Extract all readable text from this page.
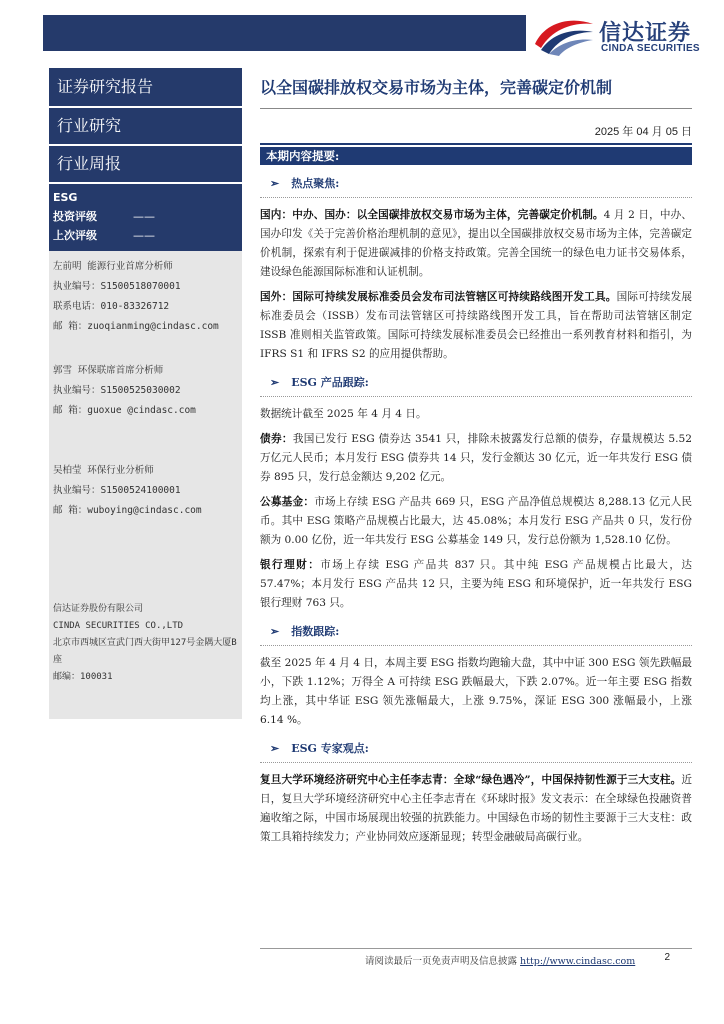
信达证券
CINDA SECURITIES
证券研究报告
行业研究
行业周报
ESG
投资评级	——
上次评级	——
左前明 能源行业首席分析师
执业编号：S1500518070001
联系电话：010-83326712
邮 箱：zuoqianming@cindasc.com
郭雪 环保联席首席分析师
执业编号：S1500525030002
邮 箱：guoxue @cindasc.com
吴柏莹 环保行业分析师
执业编号：S1500524100001
邮 箱：wuboying@cindasc.com
信达证券股份有限公司
CINDA SECURITIES CO.,LTD
北京市西城区宣武门西大街甲127号金隅大厦B座
邮编：100031
以全国碳排放权交易市场为主体，完善碳定价机制
2025 年 04 月 05 日
本期内容提要:
➢ 热点聚焦:
国内：中办、国办：以全国碳排放权交易市场为主体，完善碳定价机制。4 月 2 日，中办、国办印发《关于完善价格治理机制的意见》，提出以全国碳排放权交易市场为主体，完善碳定价机制，探索有利于促进碳减排的价格支持政策。完善全国统一的绿色电力证书交易体系，建设绿色能源国际标准和认证机制。
国外：国际可持续发展标准委员会发布司法管辖区可持续路线图开发工具。国际可持续发展标准委员会（ISSB）发布司法管辖区可持续路线图开发工具，旨在帮助司法管辖区制定 ISSB 准则相关监管政策。国际可持续发展标准委员会已经推出一系列教育材料和指引，为 IFRS S1 和 IFRS S2 的应用提供帮助。
➢ ESG 产品跟踪:
数据统计截至 2025 年 4 月 4 日。
债券：我国已发行 ESG 债券达 3541 只，排除未披露发行总额的债券，存量规模达 5.52 万亿元人民币；本月发行 ESG 债券共 14 只，发行金额达 30 亿元，近一年共发行 ESG 债券 895 只，发行总金额达 9,202 亿元。
公募基金：市场上存续 ESG 产品共 669 只，ESG 产品净值总规模达 8,288.13 亿元人民币。其中 ESG 策略产品规模占比最大，达 45.08%；本月发行 ESG 产品共 0 只，发行份额为 0.00 亿份，近一年共发行 ESG 公募基金 149 只，发行总份额为 1,528.10 亿份。
银行理财：市场上存续 ESG 产品共 837 只。其中纯 ESG 产品规模占比最大，达 57.47%；本月发行 ESG 产品共 12 只，主要为纯 ESG 和环境保护，近一年共发行 ESG 银行理财 763 只。
➢ 指数跟踪:
截至 2025 年 4 月 4 日，本周主要 ESG 指数均跑输大盘，其中中证 300 ESG 领先跌幅最小，下跌 1.12%；万得全 A 可持续 ESG 跌幅最大，下跌 2.07%。近一年主要 ESG 指数均上涨，其中华证 ESG 领先涨幅最大，上涨 9.75%，深证 ESG 300 涨幅最小，上涨 6.14 %。
➢ ESG 专家观点:
复旦大学环境经济研究中心主任李志青：全球“绿色遇冷”，中国保持韧性源于三大支柱。近日，复旦大学环境经济研究中心主任李志青在《环球时报》发文表示：在全球绿色投融资普遍收缩之际，中国市场展现出较强的抗跌能力。中国绿色市场的韧性主要源于三大支柱：政策工具箱持续发力；产业协同效应逐渐显现；转型金融破局高碳行业。
请阅读最后一页免责声明及信息披露 http://www.cindasc.com	2
